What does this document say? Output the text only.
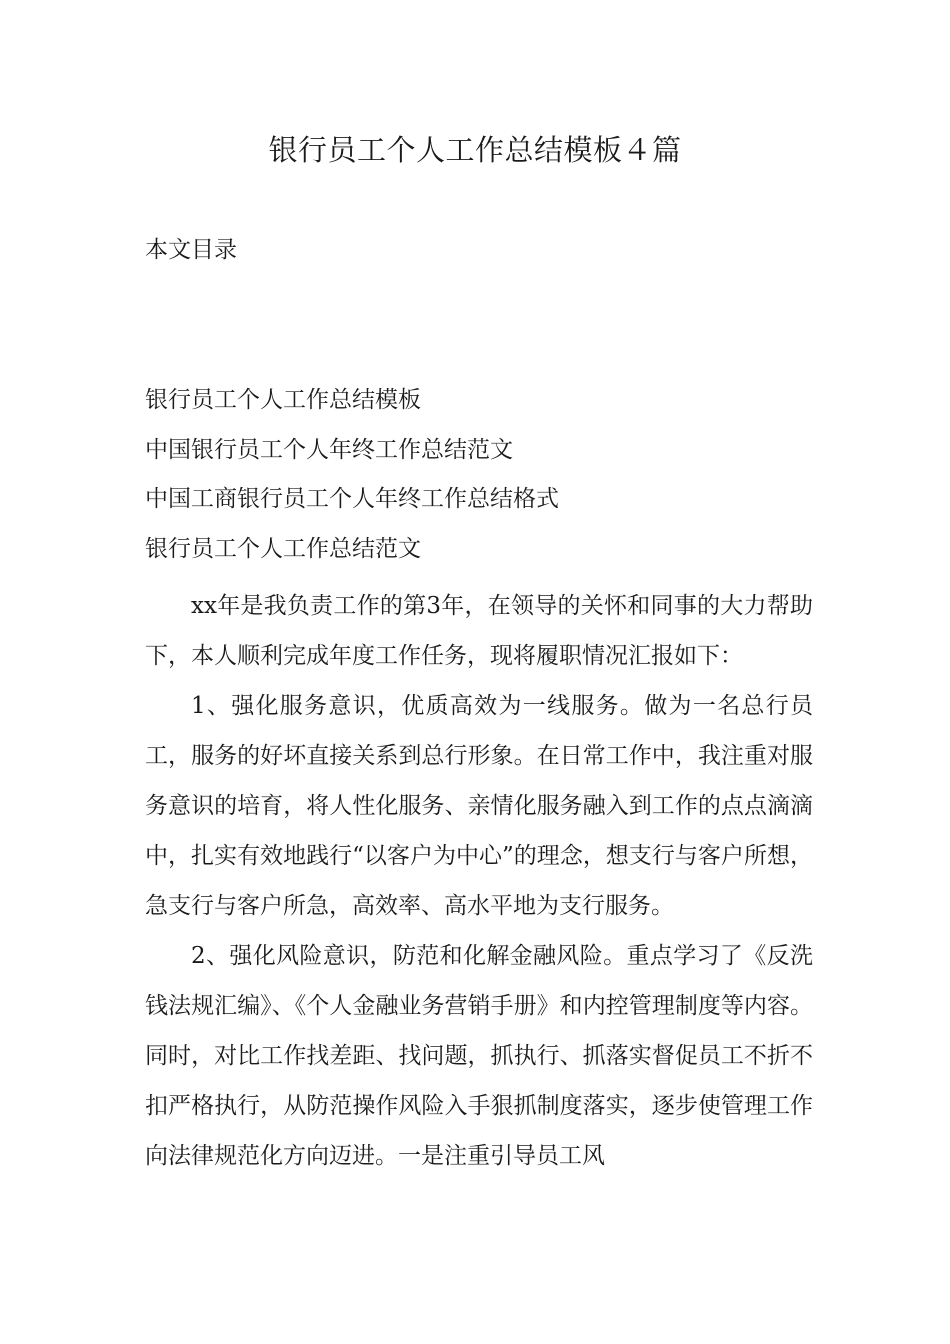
银行员工个人工作总结模板４篇
本文目录
银行员工个人工作总结模板
中国银行员工个人年终工作总结范文
中国工商银行员工个人年终工作总结格式
银行员工个人工作总结范文

xx年是我负责工作的第3年，在领导的关怀和同事的大力帮助下，本人顺利完成年度工作任务，现将履职情况汇报如下：

1、强化服务意识，优质高效为一线服务。做为一名总行员工，服务的好坏直接关系到总行形象。在日常工作中，我注重对服务意识的培育，将人性化服务、亲情化服务融入到工作的点点滴滴中，扎实有效地践行“以客户为中心”的理念，想支行与客户所想，急支行与客户所急，高效率、高水平地为支行服务。

2、强化风险意识，防范和化解金融风险。重点学习了《反洗钱法规汇编》、《个人金融业务营销手册》和内控管理制度等内容。同时，对比工作找差距、找问题，抓执行、抓落实督促员工不折不扣严格执行，从防范操作风险入手狠抓制度落实，逐步使管理工作向法律规范化方向迈进。一是注重引导员工风
